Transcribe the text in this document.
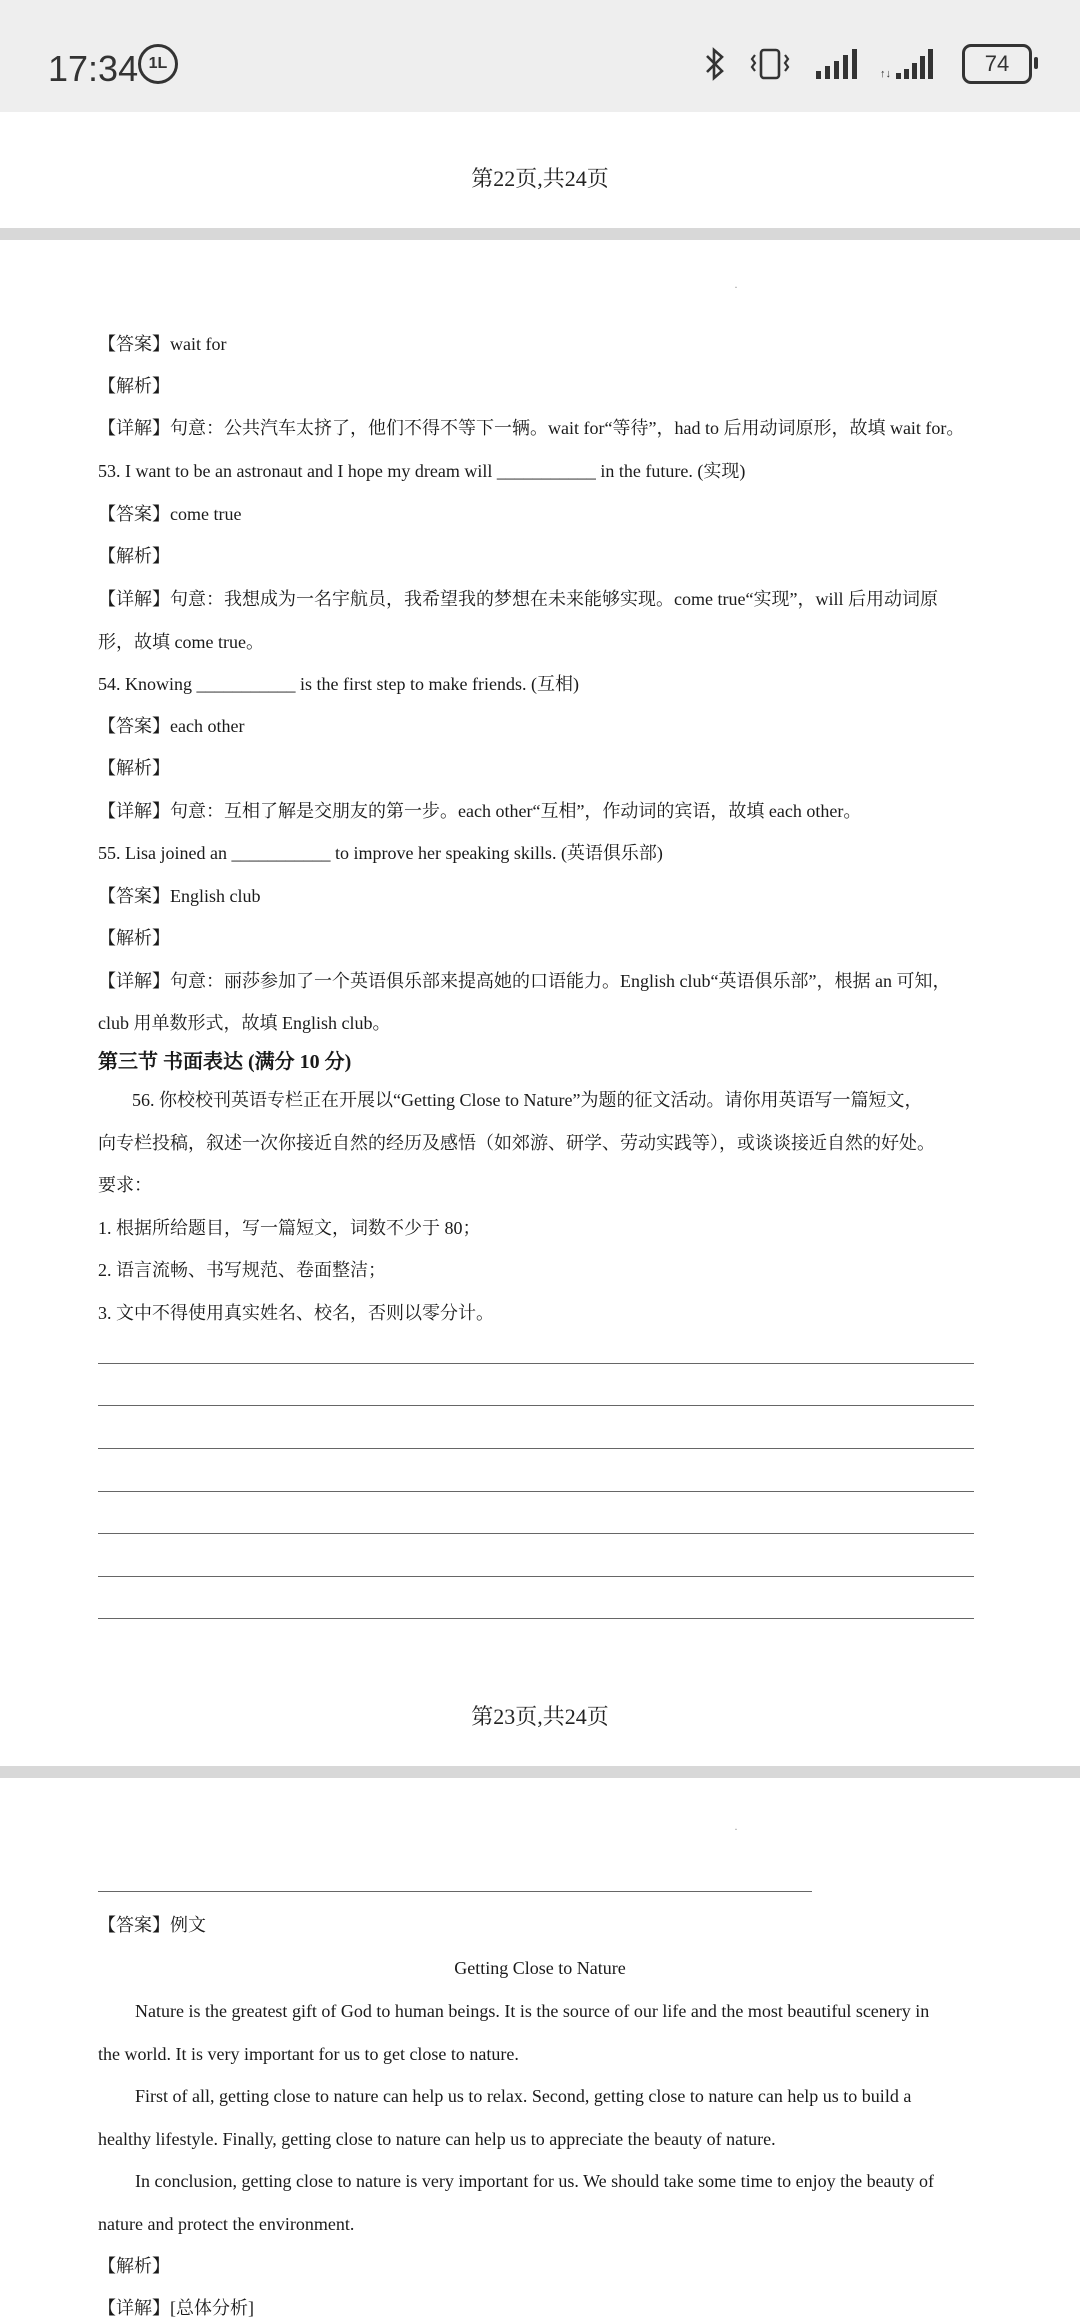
17:34 1L
↑↓	74
第22页,共24页
·
【答案】wait for
【解析】
【详解】句意：公共汽车太挤了，他们不得不等下一辆。wait for“等待”，had to 后用动词原形，故填 wait for。
53. I want to be an astronaut and I hope my dream will ___________ in the future. (实现)
【答案】come true
【解析】
【详解】句意：我想成为一名宇航员，我希望我的梦想在未来能够实现。come true“实现”，will 后用动词原
形，故填 come true。
54. Knowing ___________ is the first step to make friends. (互相)
【答案】each other
【解析】
【详解】句意：互相了解是交朋友的第一步。each other“互相”，作动词的宾语，故填 each other。
55. Lisa joined an ___________ to improve her speaking skills. (英语俱乐部)
【答案】English club
【解析】
【详解】句意：丽莎参加了一个英语俱乐部来提高她的口语能力。English club“英语俱乐部”，根据 an 可知，
club 用单数形式，故填 English club。
第三节 书面表达 (满分 10 分)
56. 你校校刊英语专栏正在开展以“Getting Close to Nature”为题的征文活动。请你用英语写一篇短文，
向专栏投稿，叙述一次你接近自然的经历及感悟（如郊游、研学、劳动实践等），或谈谈接近自然的好处。
要求：
1. 根据所给题目，写一篇短文，词数不少于 80；
2. 语言流畅、书写规范、卷面整洁；
3. 文中不得使用真实姓名、校名，否则以零分计。
第23页,共24页
·
【答案】例文
Getting Close to Nature
Nature is the greatest gift of God to human beings. It is the source of our life and the most beautiful scenery in
the world. It is very important for us to get close to nature.
First of all, getting close to nature can help us to relax. Second, getting close to nature can help us to build a
healthy lifestyle. Finally, getting close to nature can help us to appreciate the beauty of nature.
In conclusion, getting close to nature is very important for us. We should take some time to enjoy the beauty of
nature and protect the environment.
【解析】
【详解】[总体分析]
